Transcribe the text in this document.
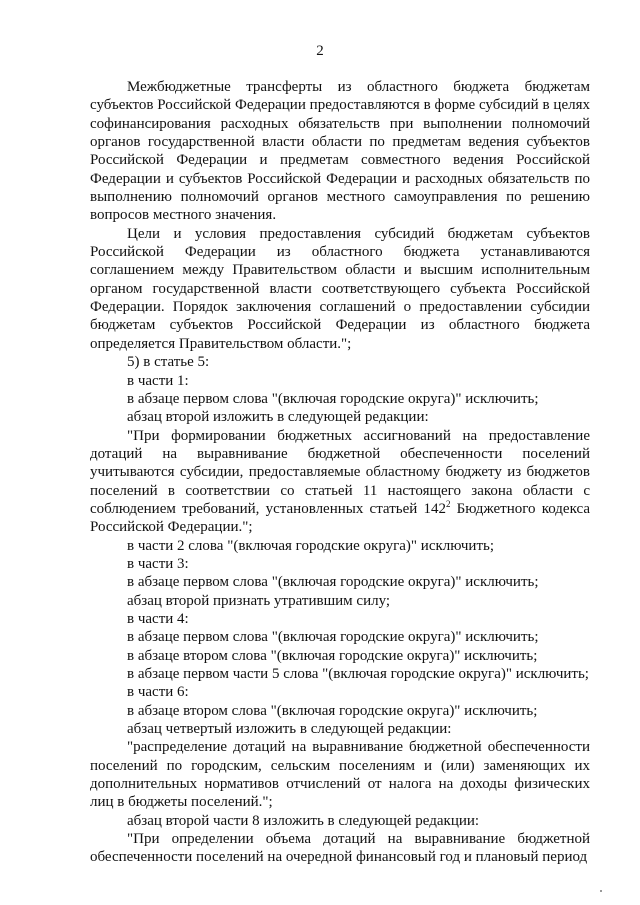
2

Межбюджетные трансферты из областного бюджета бюджетам субъектов Российской Федерации предоставляются в форме субсидий в целях софинансирования расходных обязательств при выполнении полномочий органов государственной власти области по предметам ведения субъектов Российской Федерации и предметам совместного ведения Российской Федерации и субъектов Российской Федерации и расходных обязательств по выполнению полномочий органов местного самоуправления по решению вопросов местного значения.

Цели и условия предоставления субсидий бюджетам субъектов Российской Федерации из областного бюджета устанавливаются соглашением между Правительством области и высшим исполнительным органом государственной власти соответствующего субъекта Российской Федерации. Порядок заключения соглашений о предоставлении субсидии бюджетам субъектов Российской Федерации из областного бюджета определяется Правительством области.";

5) в статье 5:

в части 1:

в абзаце первом слова "(включая городские округа)" исключить;

абзац второй изложить в следующей редакции:

"При формировании бюджетных ассигнований на предоставление дотаций на выравнивание бюджетной обеспеченности поселений учитываются субсидии, предоставляемые областному бюджету из бюджетов поселений в соответствии со статьей 11 настоящего закона области с соблюдением требований, установленных статьей $142^2$ Бюджетного кодекса Российской Федерации.";

в части 2 слова "(включая городские округа)" исключить;

в части 3:

в абзаце первом слова "(включая городские округа)" исключить;

абзац второй признать утратившим силу;

в части 4:

в абзаце первом слова "(включая городские округа)" исключить;

в абзаце втором слова "(включая городские округа)" исключить;

в абзаце первом части 5 слова "(включая городские округа)" исключить;

в части 6:

в абзаце втором слова "(включая городские округа)" исключить;

абзац четвертый изложить в следующей редакции:

"распределение дотаций на выравнивание бюджетной обеспеченности поселений по городским, сельским поселениям и (или) заменяющих их дополнительных нормативов отчислений от налога на доходы физических лиц в бюджеты поселений.";

абзац второй части 8 изложить в следующей редакции:

"При определении объема дотаций на выравнивание бюджетной обеспеченности поселений на очередной финансовый год и плановый период
